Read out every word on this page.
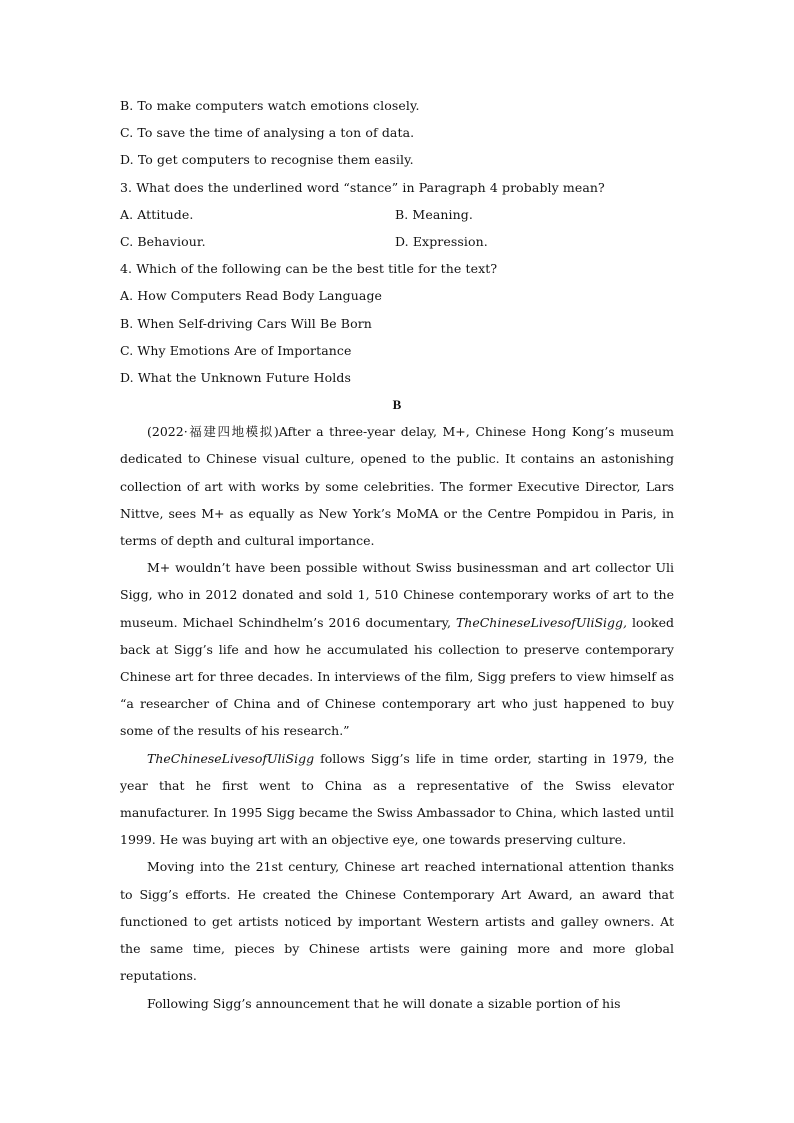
B. To make computers watch emotions closely.
C. To save the time of analysing a ton of data.
D. To get computers to recognise them easily.
3. What does the underlined word “stance” in Paragraph 4 probably mean?
A. Attitude.	B. Meaning.
C. Behaviour.	D. Expression.
4. Which of the following can be the best title for the text?
A. How Computers Read Body Language
B. When Self-driving Cars Will Be Born
C. Why Emotions Are of Importance
D. What the Unknown Future Holds
B

(2022·福建四地模拟)After a three-year delay, M+, Chinese Hong Kong’s museum dedicated to Chinese visual culture, opened to the public. It contains an astonishing collection of art with works by some celebrities. The former Executive Director, Lars Nittve, sees M+ as equally as New York’s MoMA or the Centre Pompidou in Paris, in terms of depth and cultural importance.

M+ wouldn’t have been possible without Swiss businessman and art collector Uli Sigg, who in 2012 donated and sold 1, 510 Chinese contemporary works of art to the museum. Michael Schindhelm’s 2016 documentary, TheChineseLivesofUliSigg, looked back at Sigg’s life and how he accumulated his collection to preserve contemporary Chinese art for three decades. In interviews of the film, Sigg prefers to view himself as “a researcher of China and of Chinese contemporary art who just happened to buy some of the results of his research.”

TheChineseLivesofUliSigg follows Sigg’s life in time order, starting in 1979, the year that he first went to China as a representative of the Swiss elevator manufacturer. In 1995 Sigg became the Swiss Ambassador to China, which lasted until 1999. He was buying art with an objective eye, one towards preserving culture.

Moving into the 21st century, Chinese art reached international attention thanks to Sigg’s efforts. He created the Chinese Contemporary Art Award, an award that functioned to get artists noticed by important Western artists and galley owners. At the same time, pieces by Chinese artists were gaining more and more global reputations.

Following Sigg’s announcement that he will donate a sizable portion of his
